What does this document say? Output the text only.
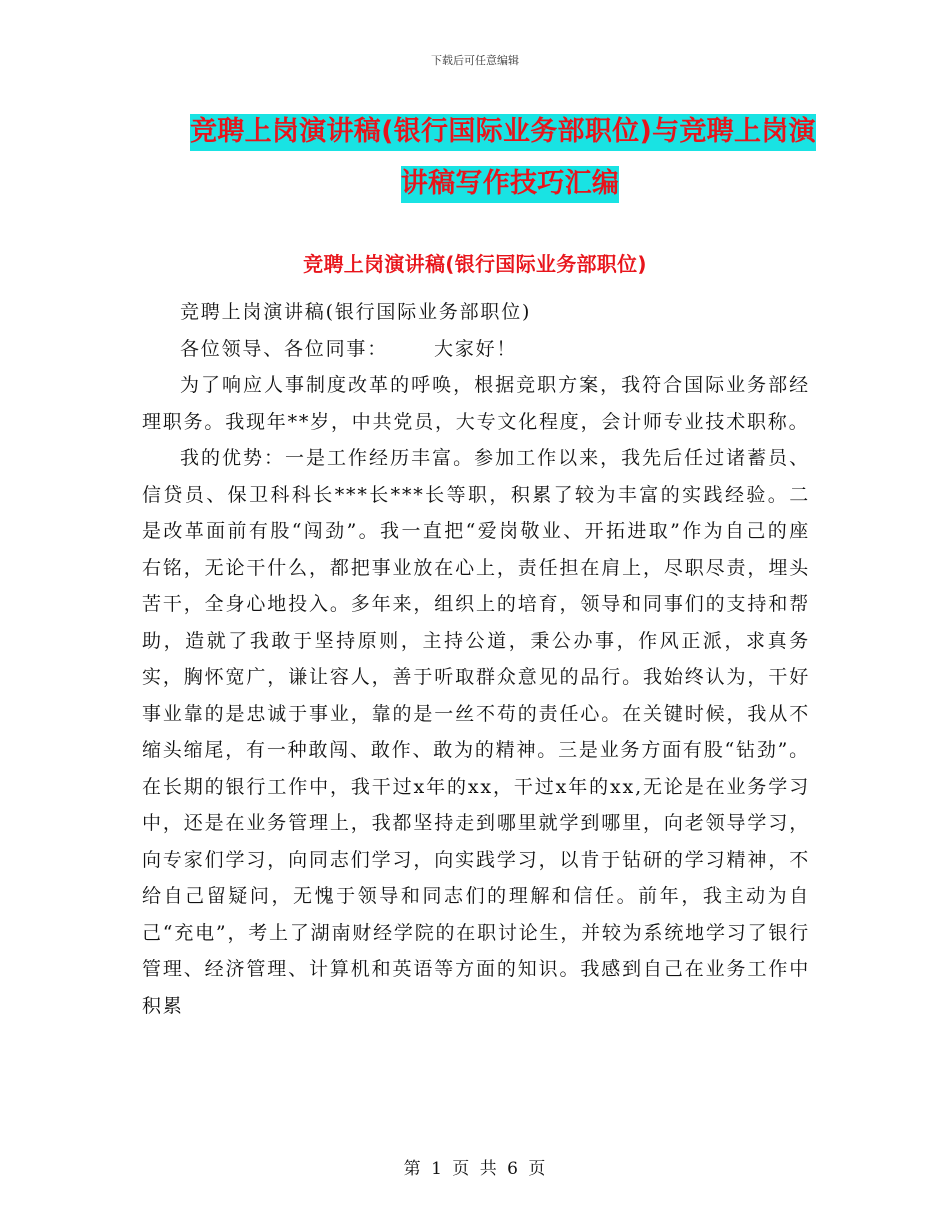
下载后可任意编辑
竞聘上岗演讲稿(银行国际业务部职位)与竞聘上岗演
讲稿写作技巧汇编
竞聘上岗演讲稿(银行国际业务部职位)

竞聘上岗演讲稿(银行国际业务部职位)

各位领导、各位同事： 大家好！

为了响应人事制度改革的呼唤，根据竞职方案，我符合国际业务部经理职务。我现年**岁，中共党员，大专文化程度，会计师专业技术职称。

我的优势：一是工作经历丰富。参加工作以来，我先后任过诸蓄员、信贷员、保卫科科长***长***长等职，积累了较为丰富的实践经验。二是改革面前有股“闯劲”。我一直把“爱岗敬业、开拓进取”作为自己的座右铭，无论干什么，都把事业放在心上，责任担在肩上，尽职尽责，埋头苦干，全身心地投入。多年来，组织上的培育，领导和同事们的支持和帮助，造就了我敢于坚持原则，主持公道，秉公办事，作风正派，求真务实，胸怀宽广，谦让容人，善于听取群众意见的品行。我始终认为，干好事业靠的是忠诚于事业，靠的是一丝不苟的责任心。在关键时候，我从不缩头缩尾，有一种敢闯、敢作、敢为的精神。三是业务方面有股“钻劲”。在长期的银行工作中，我干过x年的xx，干过x年的xx,无论是在业务学习中，还是在业务管理上，我都坚持走到哪里就学到哪里，向老领导学习，向专家们学习，向同志们学习，向实践学习，以肯于钻研的学习精神，不给自己留疑问，无愧于领导和同志们的理解和信任。前年，我主动为自己“充电”，考上了湖南财经学院的在职讨论生，并较为系统地学习了银行管理、经济管理、计算机和英语等方面的知识。我感到自己在业务工作中积累

第 1 页 共 6 页
